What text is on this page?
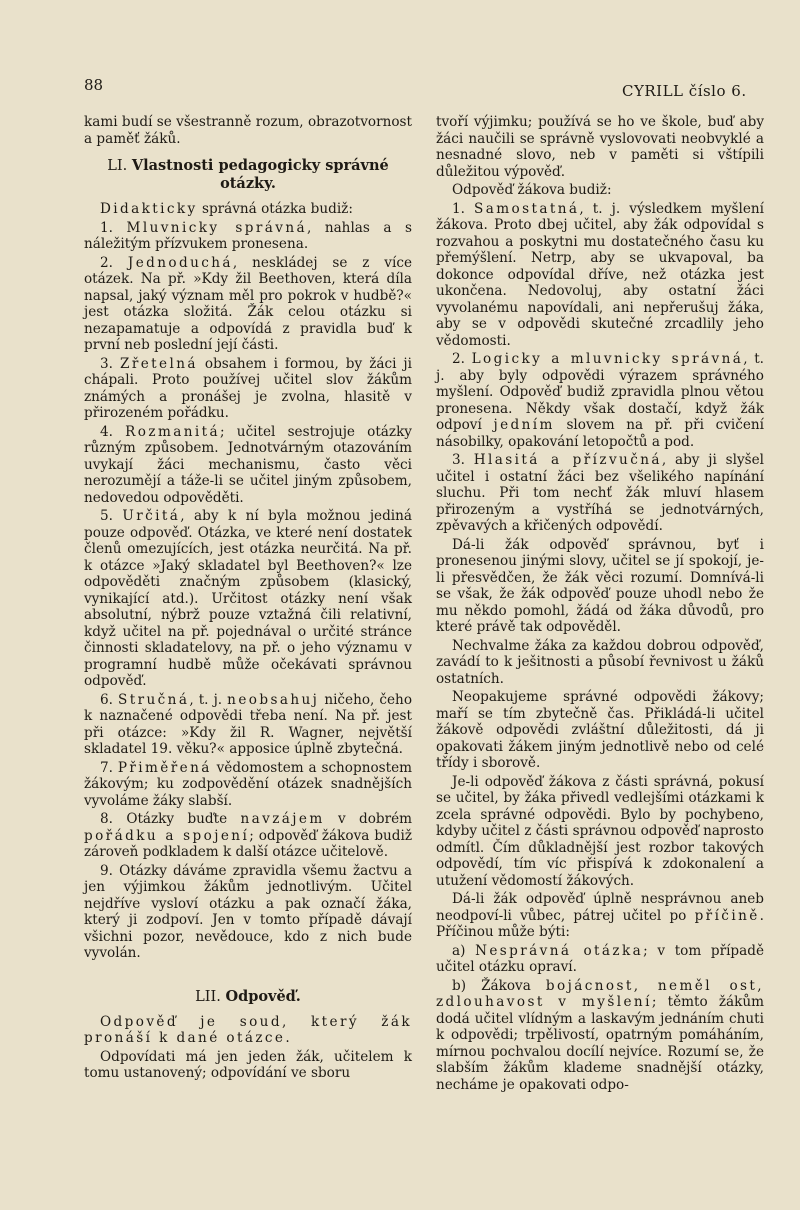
88	CYRILL číslo 6.

kami budí se všestranně rozum, obrazotvornost a paměť žáků.

LI. Vlastnosti pedagogicky správné otázky.

Didakticky správná otázka budiž:

1. Mluvnicky správná, nahlas a s náležitým přízvukem pronesena.

2. Jednoduchá, neskládej se z více otázek. Na př. »Kdy žil Beethoven, která díla napsal, jaký význam měl pro pokrok v hudbě?« jest otázka složitá. Žák celou otázku si nezapamatuje a odpovídá z pravidla buď k první neb poslední její části.

3. Zřetelná obsahem i formou, by žáci ji chápali. Proto používej učitel slov žákům známých a pronášej je zvolna, hlasitě v přirozeném pořádku.

4. Rozmanitá; učitel sestrojuje otázky různým způsobem. Jednotvárným otazováním uvykají žáci mechanismu, často věci nerozumějí a táže-li se učitel jiným způsobem, nedovedou odpověděti.

5. Určitá, aby k ní byla možnou jediná pouze odpověď. Otázka, ve které není dostatek členů omezujících, jest otázka neurčitá. Na př. k otázce »Jaký skladatel byl Beethoven?« lze odpověděti značným způsobem (klasický, vynikající atd.). Určitost otázky není však absolutní, nýbrž pouze vztažná čili relativní, když učitel na př. pojednával o určité stránce činnosti skladatelovy, na př. o jeho významu v programní hudbě může očekávati správnou odpověď.

6. Stručná, t. j. neobsahuj ničeho, čeho k naznačené odpovědi třeba není. Na př. jest při otázce: »Kdy žil R. Wagner, největší skladatel 19. věku?« apposice úplně zbytečná.

7. Přiměřená vědomostem a schopnostem žákovým; ku zodpovědění otázek snadnějších vyvoláme žáky slabší.

8. Otázky buďte navzájem v dobrém pořádku a spojení; odpověď žákova budiž zároveň podkladem k další otázce učitelově.

9. Otázky dáváme zpravidla všemu žactvu a jen výjimkou žákům jednotlivým. Učitel nejdříve vysloví otázku a pak označí žáka, který ji zodpoví. Jen v tomto případě dávají všichni pozor, nevědouce, kdo z nich bude vyvolán.

LII. Odpověď.

Odpověď je soud, který žák pronáší k dané otázce.

Odpovídati má jen jeden žák, učitelem k tomu ustanovený; odpovídání ve sboru

tvoří výjimku; používá se ho ve škole, buď aby žáci naučili se správně vyslovovati neobvyklé a nesnadné slovo, neb v paměti si vštípili důležitou výpověď.

Odpověď žákova budiž:

1. Samostatná, t. j. výsledkem myšlení žákova. Proto dbej učitel, aby žák odpovídal s rozvahou a poskytni mu dostatečného času ku přemýšlení. Netrp, aby se ukvapoval, ba dokonce odpovídal dříve, než otázka jest ukončena. Nedovoluj, aby ostatní žáci vyvolanému napovídali, ani nepřerušuj žáka, aby se v odpovědi skutečné zrcadlily jeho vědomosti.

2. Logicky a mluvnicky správná, t. j. aby byly odpovědi výrazem správného myšlení. Odpověď budiž zpravidla plnou větou pronesena. Někdy však dostačí, když žák odpoví jedním slovem na př. při cvičení násobilky, opakování letopočtů a pod.

3. Hlasitá a přízvučná, aby ji slyšel učitel i ostatní žáci bez všelikého napínání sluchu. Při tom nechť žák mluví hlasem přirozeným a vystříhá se jednotvárných, zpěvavých a křičených odpovědí.

Dá-li žák odpověď správnou, byť i pronesenou jinými slovy, učitel se jí spokojí, je-li přesvědčen, že žák věci rozumí. Domnívá-li se však, že žák odpověď pouze uhodl nebo že mu někdo pomohl, žádá od žáka důvodů, pro které právě tak odpověděl.

Nechvalme žáka za každou dobrou odpověď, zavádí to k ješitnosti a působí řevnivost u žáků ostatních.

Neopakujeme správné odpovědi žákovy; maří se tím zbytečně čas. Přikládá-li učitel žákově odpovědi zvláštní důležitosti, dá ji opakovati žákem jiným jednotlivě nebo od celé třídy i sborově.

Je-li odpověď žákova z části správná, pokusí se učitel, by žáka přivedl vedlejšími otázkami k zcela správné odpovědi. Bylo by pochybeno, kdyby učitel z části správnou odpověď naprosto odmítl. Čím důkladnější jest rozbor takových odpovědí, tím víc přispívá k zdokonalení a utužení vědomostí žákových.

Dá-li žák odpověď úplně nesprávnou aneb neodpoví-li vůbec, pátrej učitel po příčině. Příčinou může býti:

a) Nesprávná otázka; v tom případě učitel otázku opraví.

b) Žákova bojácnost, neměl ost, zdlouhavost v myšlení; těmto žákům dodá učitel vlídným a laskavým jednáním chuti k odpovědi; trpělivostí, opatrným pomáháním, mírnou pochvalou docílí nejvíce. Rozumí se, že slabším žákům klademe snadnější otázky, necháme je opakovati odpo-
